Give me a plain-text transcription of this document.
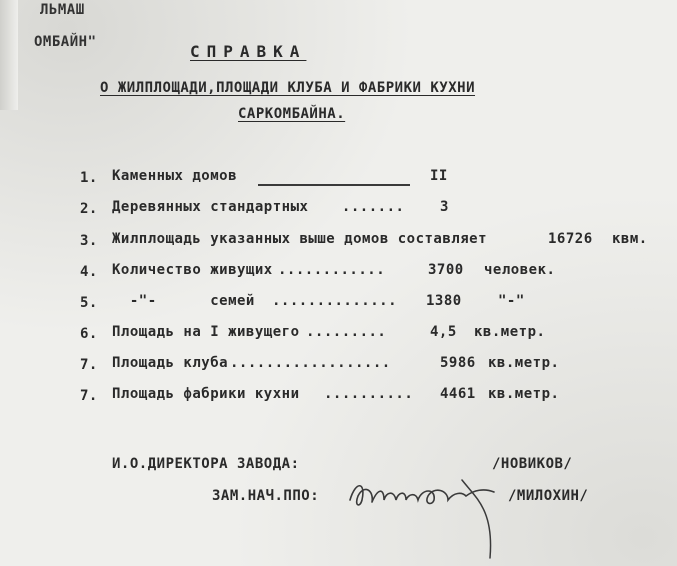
ЛЬМАШ
ОМБАЙН"	СПРАВКА
О ЖИЛПЛОЩАДИ,ПЛОЩАДИ КЛУБА И ФАБРИКИ КУХНИ
САРКОМБАЙНА.
1. Каменных домов	II
2. Деревянных стандартных .......	3
3. Жилплощадь указанных выше домов составляет	16726 квм.
4. Количество живущих ............	3700 человек.
5. -"-      семей .............. 1380	"-"
6. Площадь на I живущего .........	4,5 кв.метр.
7. Площадь клуба ..................	5986 кв.метр.
7. Площадь фабрики кухни .......... 4461 кв.метр.
И.О.ДИРЕКТОРА ЗАВОДА:	/НОВИКОВ/
ЗАМ.НАЧ.ППО:	/МИЛОХИН/
